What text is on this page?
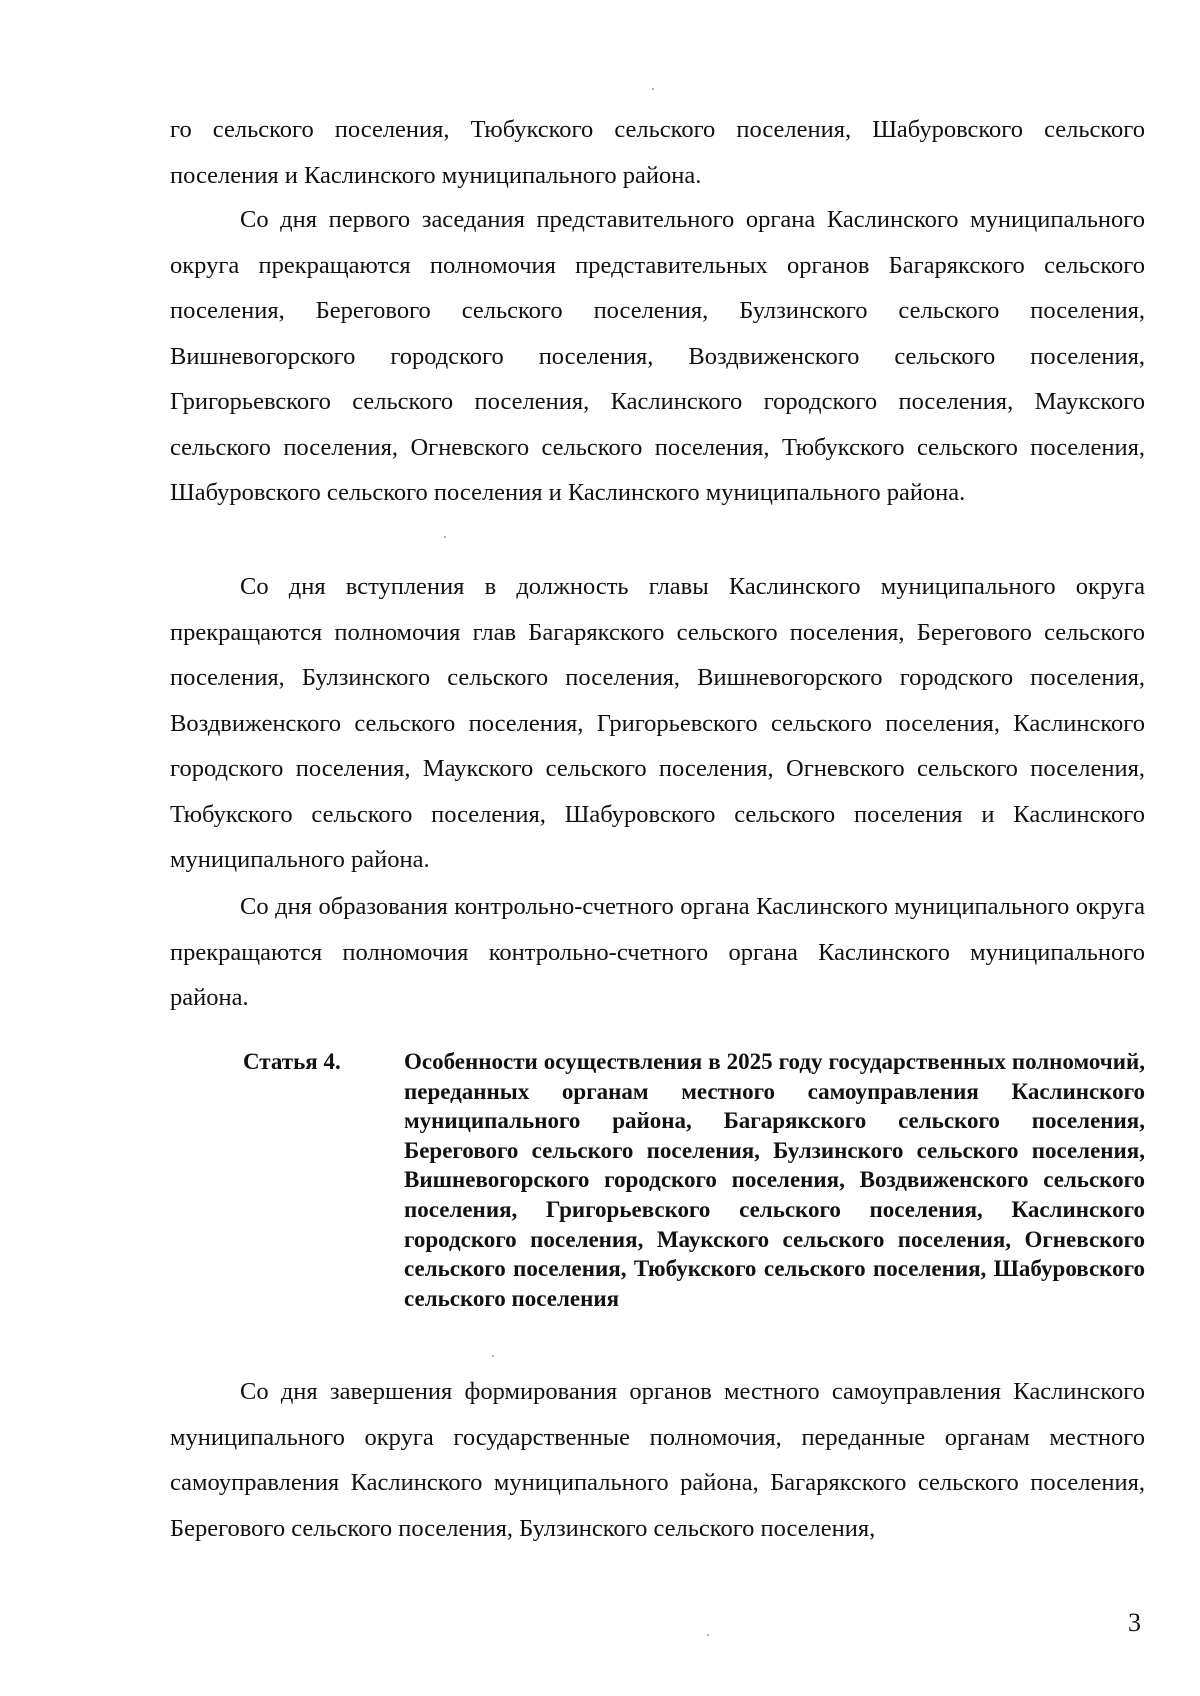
го сельского поселения, Тюбукского сельского поселения, Шабуровского сельского поселения и Каслинского муниципального района.

Со дня первого заседания представительного органа Каслинского муниципального округа прекращаются полномочия представительных органов Багарякского сельского поселения, Берегового сельского поселения, Булзинского сельского поселения, Вишневогорского городского поселения, Воздвиженского сельского поселения, Григорьевского сельского поселения, Каслинского городского поселения, Маукского сельского поселения, Огневского сельского поселения, Тюбукского сельского поселения, Шабуровского сельского поселения и Каслинского муниципального района.

Со дня вступления в должность главы Каслинского муниципального округа прекращаются полномочия глав Багарякского сельского поселения, Берегового сельского поселения, Булзинского сельского поселения, Вишневогорского городского поселения, Воздвиженского сельского поселения, Григорьевского сельского поселения, Каслинского городского поселения, Маукского сельского поселения, Огневского сельского поселения, Тюбукского сельского поселения, Шабуровского сельского поселения и Каслинского муниципального района.

Со дня образования контрольно-счетного органа Каслинского муниципального округа прекращаются полномочия контрольно-счетного органа Каслинского муниципального района.

Статья 4.	Особенности осуществления в 2025 году государственных полномочий, переданных органам местного самоуправления Каслинского муниципального района, Багарякского сельского поселения, Берегового сельского поселения, Булзинского сельского поселения, Вишневогорского городского поселения, Воздвиженского сельского поселения, Григорьевского сельского поселения, Каслинского городского поселения, Маукского сельского поселения, Огневского сельского поселения, Тюбукского сельского поселения, Шабуровского сельского поселения

Со дня завершения формирования органов местного самоуправления Каслинского муниципального округа государственные полномочия, переданные органам местного самоуправления Каслинского муниципального района, Багарякского сельского поселения, Берегового сельского поселения, Булзинского сельского поселения,

3
